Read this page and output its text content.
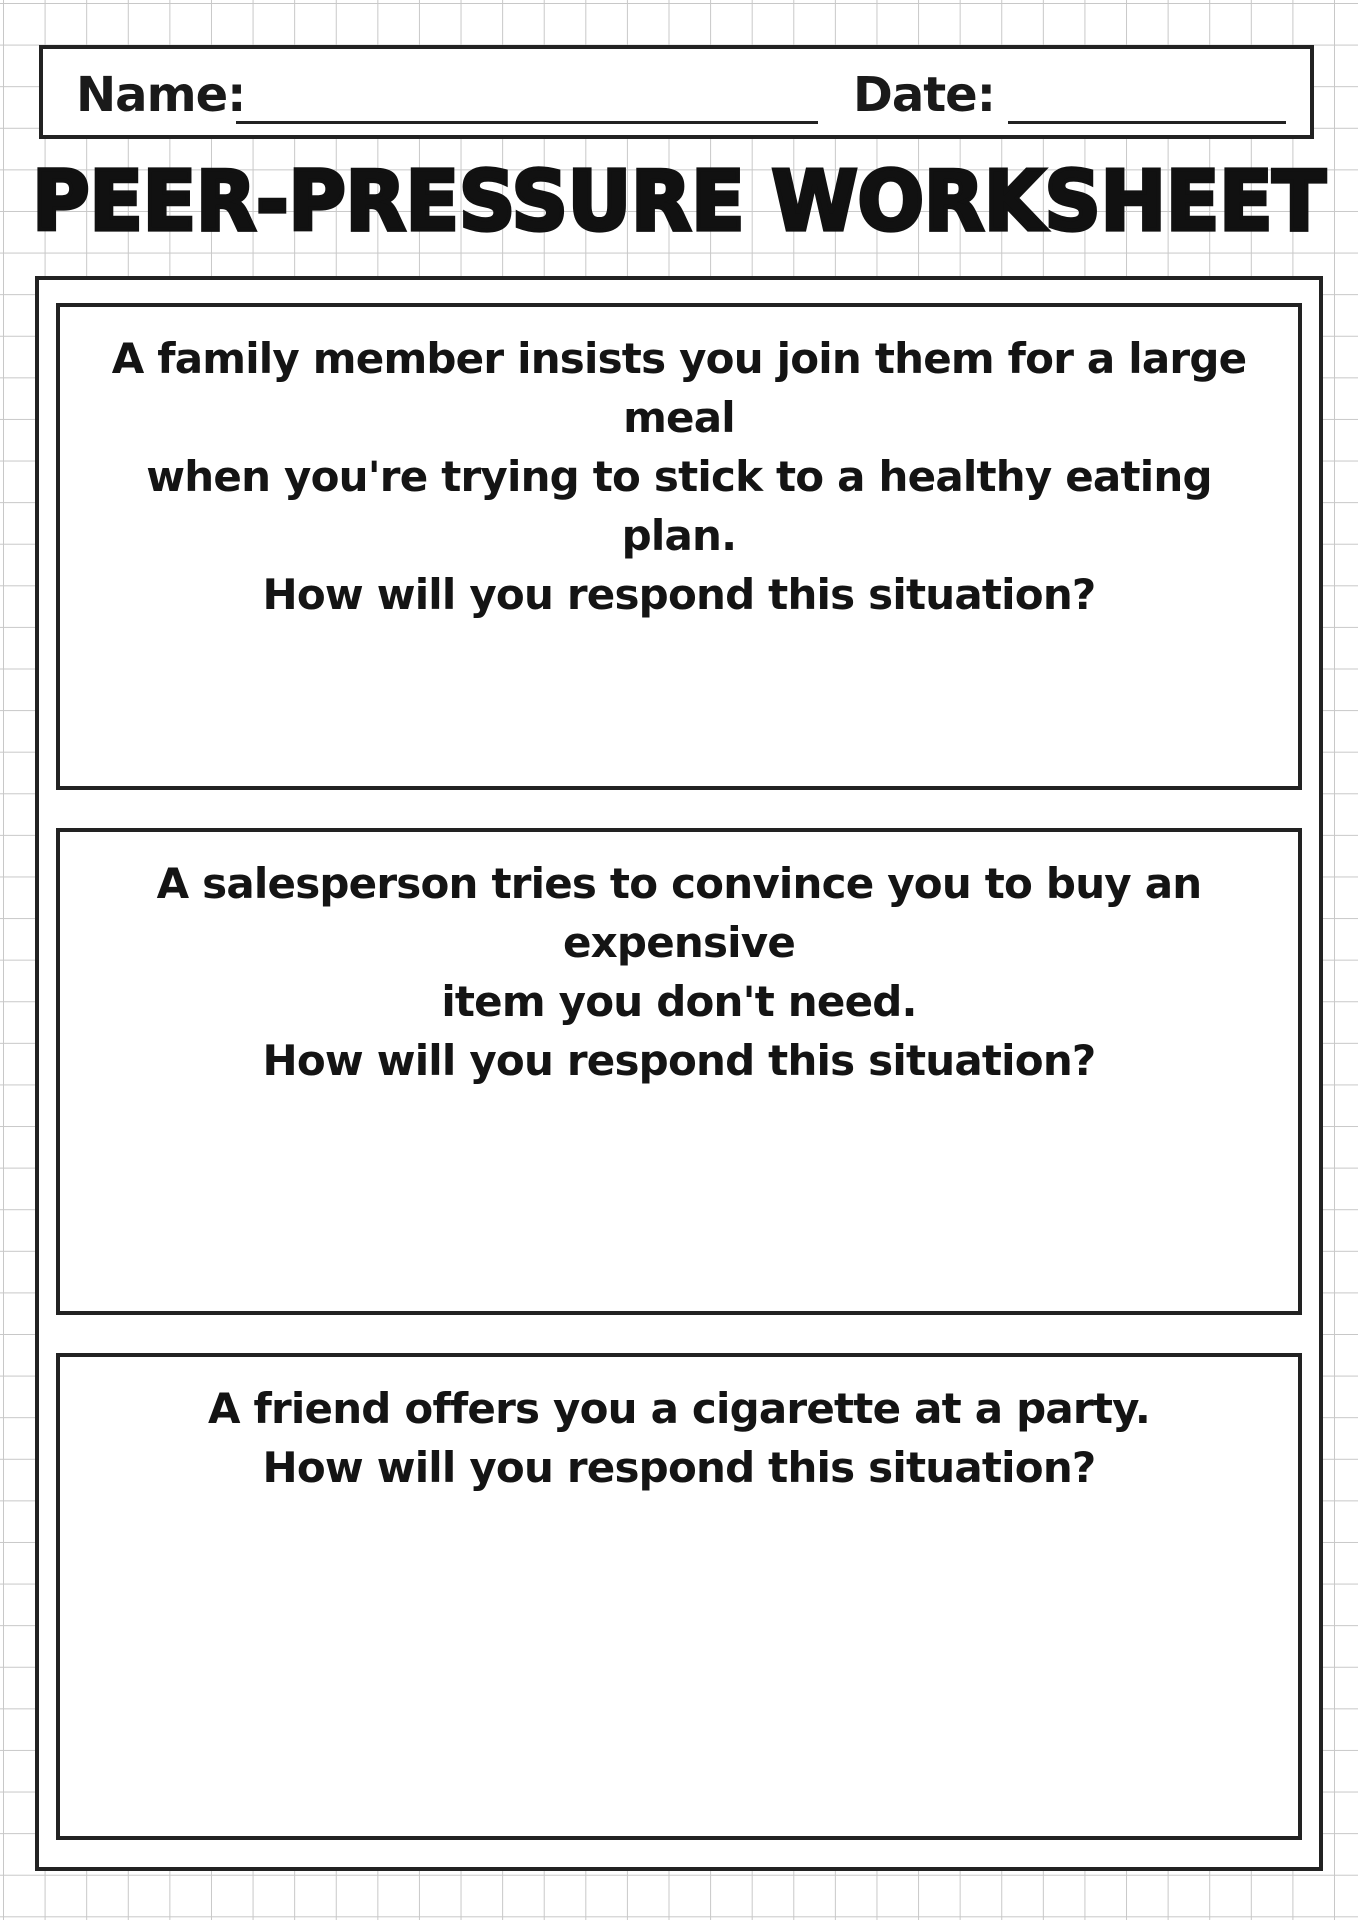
Name:	Date:
PEER-PRESSURE WORKSHEET

A family member insists you join them for a large meal
when you're trying to stick to a healthy eating plan.
How will you respond this situation?

A salesperson tries to convince you to buy an expensive
item you don't need.
How will you respond this situation?

A friend offers you a cigarette at a party.
How will you respond this situation?
